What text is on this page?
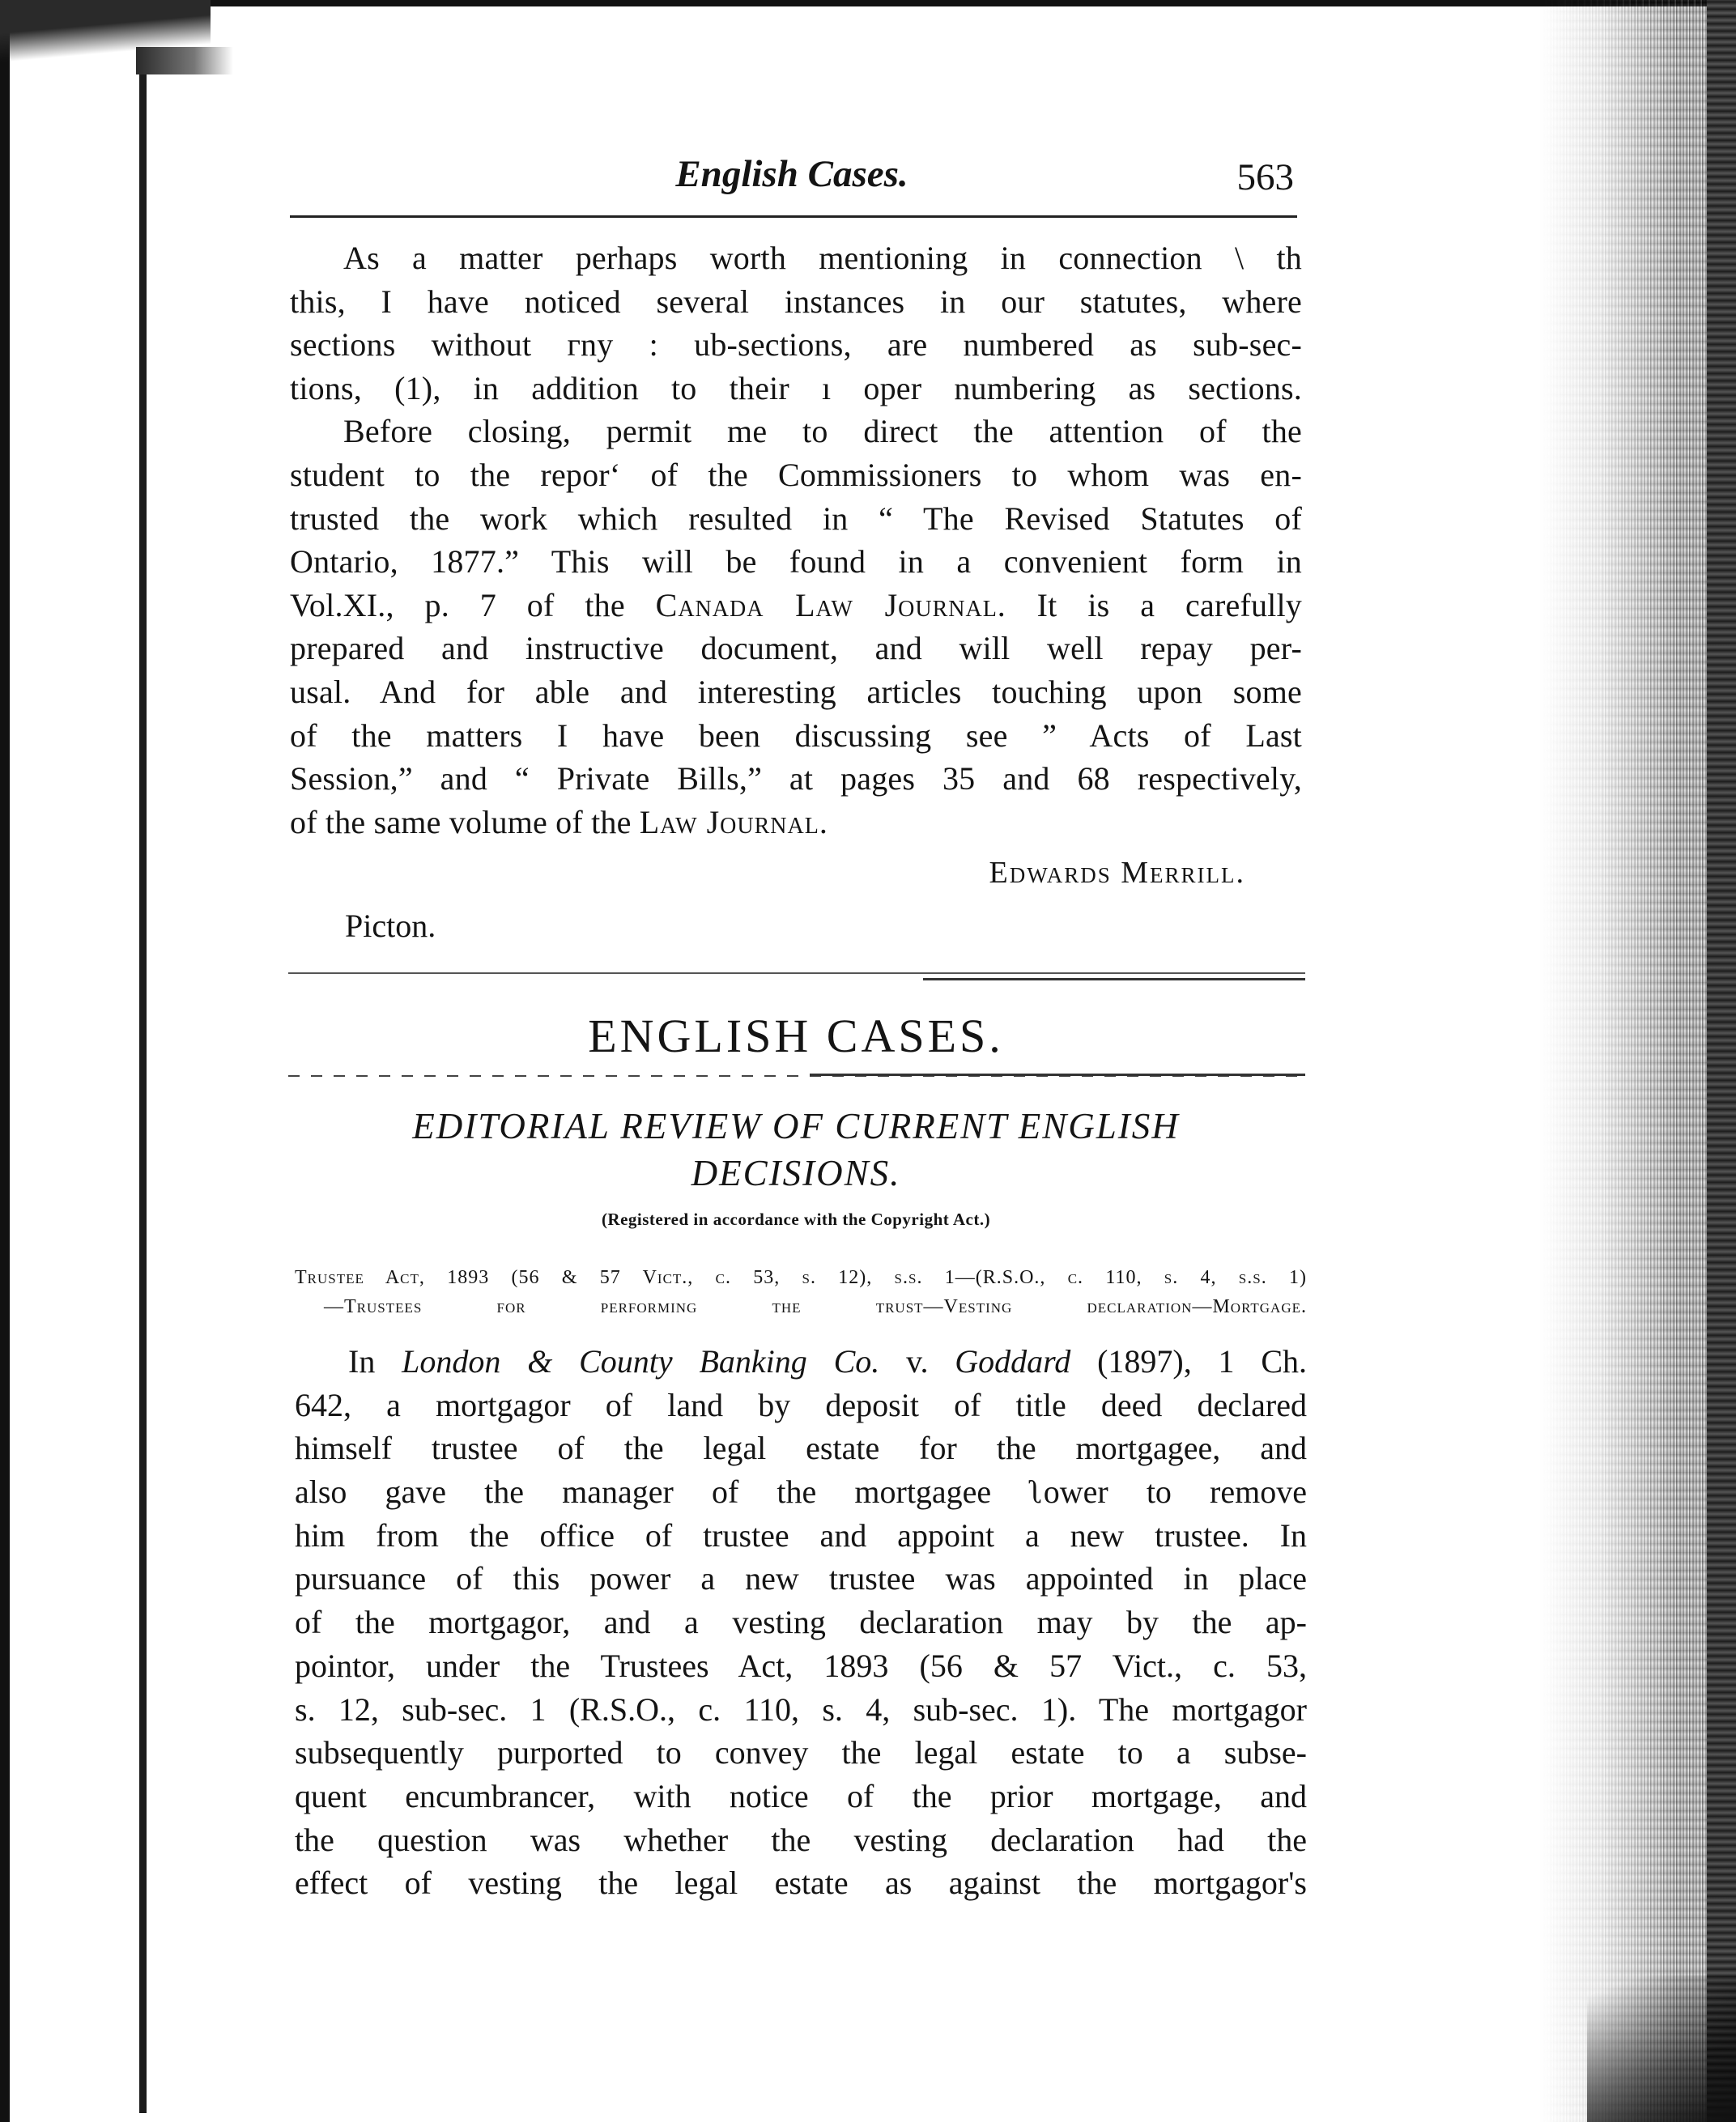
English Cases.	563
As a matter perhaps worth mentioning in connection \ th
this, I have noticed several instances in our statutes, where
sections without ᴦny : ub-sections, are numbered as sub-sec-
tions, (1), in addition to their ı oper numbering as sections.
Before closing, permit me to direct the attention of the
student to the reporʻ of the Commissioners to whom was en-
trusted the work which resulted in “ The Revised Statutes of
Ontario, 1877.” This will be found in a convenient form in
Vol.XI., p. 7 of the Canada Law Journal. It is a carefully
prepared and instructive document, and will well repay per-
usal. And for able and interesting articles touching upon some
of the matters I have been discussing see ” Acts of Last
Session,” and “ Private Bills,” at pages 35 and 68 respectively,
of the same volume of the Law Journal.
Edwards Merrill.
Picton.
ENGLISH CASES.
EDITORIAL REVIEW OF CURRENT ENGLISH
DECISIONS.
(Registered in accordance with the Copyright Act.)
Trustee Act, 1893 (56 & 57 Vict., c. 53, s. 12), s.s. 1—(R.S.O., c. 110, s. 4, s.s. 1)
—Trustees for performing the trust—Vesting declaration—Mortgage.
In London & County Banking Co. v. Goddard (1897), 1 Ch.
642, a mortgagor of land by deposit of title deed declared
himself trustee of the legal estate for the mortgagee, and
also gave the manager of the mortgagee ʅower to remove
him from the office of trustee and appoint a new trustee. In
pursuance of this power a new trustee was appointed in place
of the mortgagor, and a vesting declaration may by the ap-
pointor, under the Trustees Act, 1893 (56 & 57 Vict., c. 53,
s. 12, sub-sec. 1 (R.S.O., c. 110, s. 4, sub-sec. 1). The mortgagor
subsequently purported to convey the legal estate to a subse-
quent encumbrancer, with notice of the prior mortgage, and
the question was whether the vesting declaration had the
effect of vesting the legal estate as against the mortgagor's
